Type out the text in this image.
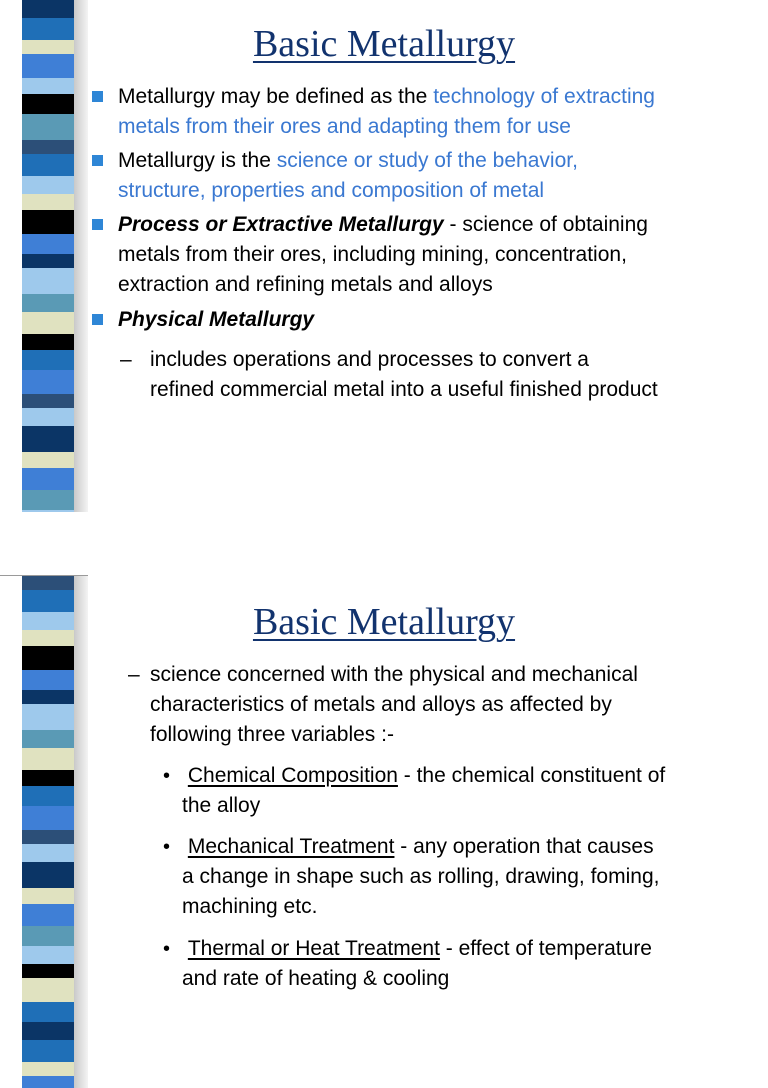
Basic Metallurgy
Metallurgy may be defined as the technology of extracting
metals from their ores and adapting them for use
Metallurgy is the science or study of the behavior,
structure, properties and composition of metal
Process or Extractive Metallurgy - science of obtaining
metals from their ores, including mining, concentration,
extraction and refining metals and alloys
Physical Metallurgy
– includes operations and processes to convert a
refined commercial metal into a useful finished product
Basic Metallurgy
– science concerned with the physical and mechanical
characteristics of metals and alloys as affected by
following three variables :-
• Chemical Composition - the chemical constituent of
the alloy
• Mechanical Treatment - any operation that causes
a change in shape such as rolling, drawing, foming,
machining etc.
• Thermal or Heat Treatment - effect of temperature
and rate of heating & cooling
